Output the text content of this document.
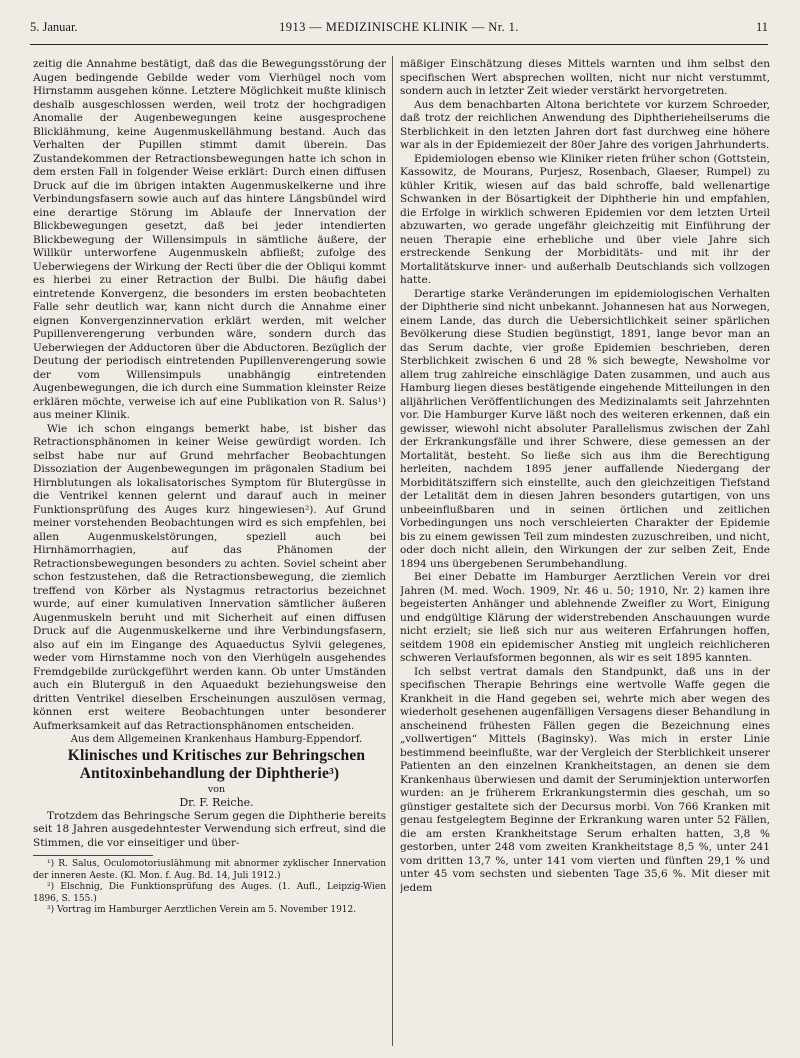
5. Januar.	1913 — MEDIZINISCHE KLINIK — Nr. 1.	11

zeitig die Annahme bestätigt, daß das die Bewegungsstörung der Augen bedingende Gebilde weder vom Vierhügel noch vom Hirnstamm ausgehen könne. Letztere Möglichkeit mußte klinisch deshalb ausgeschlossen werden, weil trotz der hochgradigen Anomalie der Augenbewegungen keine ausgesprochene Blicklähmung, keine Augenmuskellähmung bestand. Auch das Verhalten der Pupillen stimmt damit überein. Das Zustandekommen der Retractionsbewegungen hatte ich schon in dem ersten Fall in folgender Weise erklärt: Durch einen diffusen Druck auf die im übrigen intakten Augenmuskelkerne und ihre Verbindungsfasern sowie auch auf das hintere Längsbündel wird eine derartige Störung im Ablaufe der Innervation der Blickbewegungen gesetzt, daß bei jeder intendierten Blickbewegung der Willensimpuls in sämtliche äußere, der Willkür unterworfene Augenmuskeln abfließt; zufolge des Ueberwiegens der Wirkung der Recti über die der Obliqui kommt es hierbei zu einer Retraction der Bulbi. Die häufig dabei eintretende Konvergenz, die besonders im ersten beobachteten Falle sehr deutlich war, kann nicht durch die Annahme einer eignen Konvergenzinnervation erklärt werden, mit welcher Pupillenverengerung verbunden wäre, sondern durch das Ueberwiegen der Adductoren über die Abductoren. Bezüglich der Deutung der periodisch eintretenden Pupillenverengerung sowie der vom Willensimpuls unabhängig eintretenden Augenbewegungen, die ich durch eine Summation kleinster Reize erklären möchte, verweise ich auf eine Publikation von R. Salus¹) aus meiner Klinik.

Wie ich schon eingangs bemerkt habe, ist bisher das Retractionsphänomen in keiner Weise gewürdigt worden. Ich selbst habe nur auf Grund mehrfacher Beobachtungen Dissoziation der Augenbewegungen im prägonalen Stadium bei Hirnblutungen als lokalisatorisches Symptom für Blutergüsse in die Ventrikel kennen gelernt und darauf auch in meiner Funktionsprüfung des Auges kurz hingewiesen²). Auf Grund meiner vorstehenden Beobachtungen wird es sich empfehlen, bei allen Augenmuskelstörungen, speziell auch bei Hirnhämorrhagien, auf das Phänomen der Retractionsbewegungen besonders zu achten. Soviel scheint aber schon festzustehen, daß die Retractionsbewegung, die ziemlich treffend von Körber als Nystagmus retractorius bezeichnet wurde, auf einer kumulativen Innervation sämtlicher äußeren Augenmuskeln beruht und mit Sicherheit auf einen diffusen Druck auf die Augenmuskelkerne und ihre Verbindungsfasern, also auf ein im Eingange des Aquaeductus Sylvii gelegenes, weder vom Hirnstamme noch von den Vierhügeln ausgehendes Fremdgebilde zurückgeführt werden kann. Ob unter Umständen auch ein Bluterguß in den Aquaedukt beziehungsweise den dritten Ventrikel dieselben Erscheinungen auszulösen vermag, können erst weitere Beobachtungen unter besonderer Aufmerksamkeit auf das Retractionsphänomen entscheiden.

Aus dem Allgemeinen Krankenhaus Hamburg-Eppendorf.

Klinisches und Kritisches zur Behringschen Antitoxinbehandlung der Diphtherie³)

von

Dr. F. Reiche.

Trotzdem das Behringsche Serum gegen die Diphtherie bereits seit 18 Jahren ausgedehntester Verwendung sich erfreut, sind die Stimmen, die vor einseitiger und über-

¹) R. Salus, Oculomotoriuslähmung mit abnormer zyklischer Innervation der inneren Aeste. (Kl. Mon. f. Aug. Bd. 14, Juli 1912.)

²) Elschnig, Die Funktionsprüfung des Auges. (1. Aufl., Leipzig-Wien 1896, S. 155.)

³) Vortrag im Hamburger Aerztlichen Verein am 5. November 1912.

mäßiger Einschätzung dieses Mittels warnten und ihm selbst den specifischen Wert absprechen wollten, nicht nur nicht verstummt, sondern auch in letzter Zeit wieder verstärkt hervorgetreten.

Aus dem benachbarten Altona berichtete vor kurzem Schroeder, daß trotz der reichlichen Anwendung des Diphtherieheilserums die Sterblichkeit in den letzten Jahren dort fast durchweg eine höhere war als in der Epidemiezeit der 80er Jahre des vorigen Jahrhunderts.

Epidemiologen ebenso wie Kliniker rieten früher schon (Gottstein, Kassowitz, de Mourans, Purjesz, Rosenbach, Glaeser, Rumpel) zu kühler Kritik, wiesen auf das bald schroffe, bald wellenartige Schwanken in der Bösartigkeit der Diphtherie hin und empfahlen, die Erfolge in wirklich schweren Epidemien vor dem letzten Urteil abzuwarten, wo gerade ungefähr gleichzeitig mit Einführung der neuen Therapie eine erhebliche und über viele Jahre sich erstreckende Senkung der Morbiditäts- und mit ihr der Mortalitätskurve inner- und außerhalb Deutschlands sich vollzogen hatte.

Derartige starke Veränderungen im epidemiologischen Verhalten der Diphtherie sind nicht unbekannt. Johannesen hat aus Norwegen, einem Lande, das durch die Uebersichtlichkeit seiner spärlichen Bevölkerung diese Studien begünstigt, 1891, lange bevor man an das Serum dachte, vier große Epidemien beschrieben, deren Sterblichkeit zwischen 6 und 28 % sich bewegte, Newsholme vor allem trug zahlreiche einschlägige Daten zusammen, und auch aus Hamburg liegen dieses bestätigende eingehende Mitteilungen in den alljährlichen Veröffentlichungen des Medizinalamts seit Jahrzehnten vor. Die Hamburger Kurve läßt noch des weiteren erkennen, daß ein gewisser, wiewohl nicht absoluter Parallelismus zwischen der Zahl der Erkrankungsfälle und ihrer Schwere, diese gemessen an der Mortalität, besteht. So ließe sich aus ihm die Berechtigung herleiten, nachdem 1895 jener auffallende Niedergang der Morbiditätsziffern sich einstellte, auch den gleichzeitigen Tiefstand der Letalität dem in diesen Jahren besonders gutartigen, von uns unbeeinflußbaren und in seinen örtlichen und zeitlichen Vorbedingungen uns noch verschleierten Charakter der Epidemie bis zu einem gewissen Teil zum mindesten zuzuschreiben, und nicht, oder doch nicht allein, den Wirkungen der zur selben Zeit, Ende 1894 uns übergebenen Serumbehandlung.

Bei einer Debatte im Hamburger Aerztlichen Verein vor drei Jahren (M. med. Woch. 1909, Nr. 46 u. 50; 1910, Nr. 2) kamen ihre begeisterten Anhänger und ablehnende Zweifler zu Wort, Einigung und endgültige Klärung der widerstrebenden Anschauungen wurde nicht erzielt; sie ließ sich nur aus weiteren Erfahrungen hoffen, seitdem 1908 ein epidemischer Anstieg mit ungleich reichlicheren schweren Verlaufsformen begonnen, als wir es seit 1895 kannten.

Ich selbst vertrat damals den Standpunkt, daß uns in der specifischen Therapie Behrings eine wertvolle Waffe gegen die Krankheit in die Hand gegeben sei, wehrte mich aber wegen des wiederholt gesehenen augenfälligen Versagens dieser Behandlung in anscheinend frühesten Fällen gegen die Bezeichnung eines „vollwertigen“ Mittels (Baginsky). Was mich in erster Linie bestimmend beeinflußte, war der Vergleich der Sterblichkeit unserer Patienten an den einzelnen Krankheitstagen, an denen sie dem Krankenhaus überwiesen und damit der Seruminjektion unterworfen wurden: an je früherem Erkrankungstermin dies geschah, um so günstiger gestaltete sich der Decursus morbi. Von 766 Kranken mit genau festgelegtem Beginne der Erkrankung waren unter 52 Fällen, die am ersten Krankheitstage Serum erhalten hatten, 3,8 % gestorben, unter 248 vom zweiten Krankheitstage 8,5 %, unter 241 vom dritten 13,7 %, unter 141 vom vierten und fünften 29,1 % und unter 45 vom sechsten und siebenten Tage 35,6 %. Mit dieser mit jedem
